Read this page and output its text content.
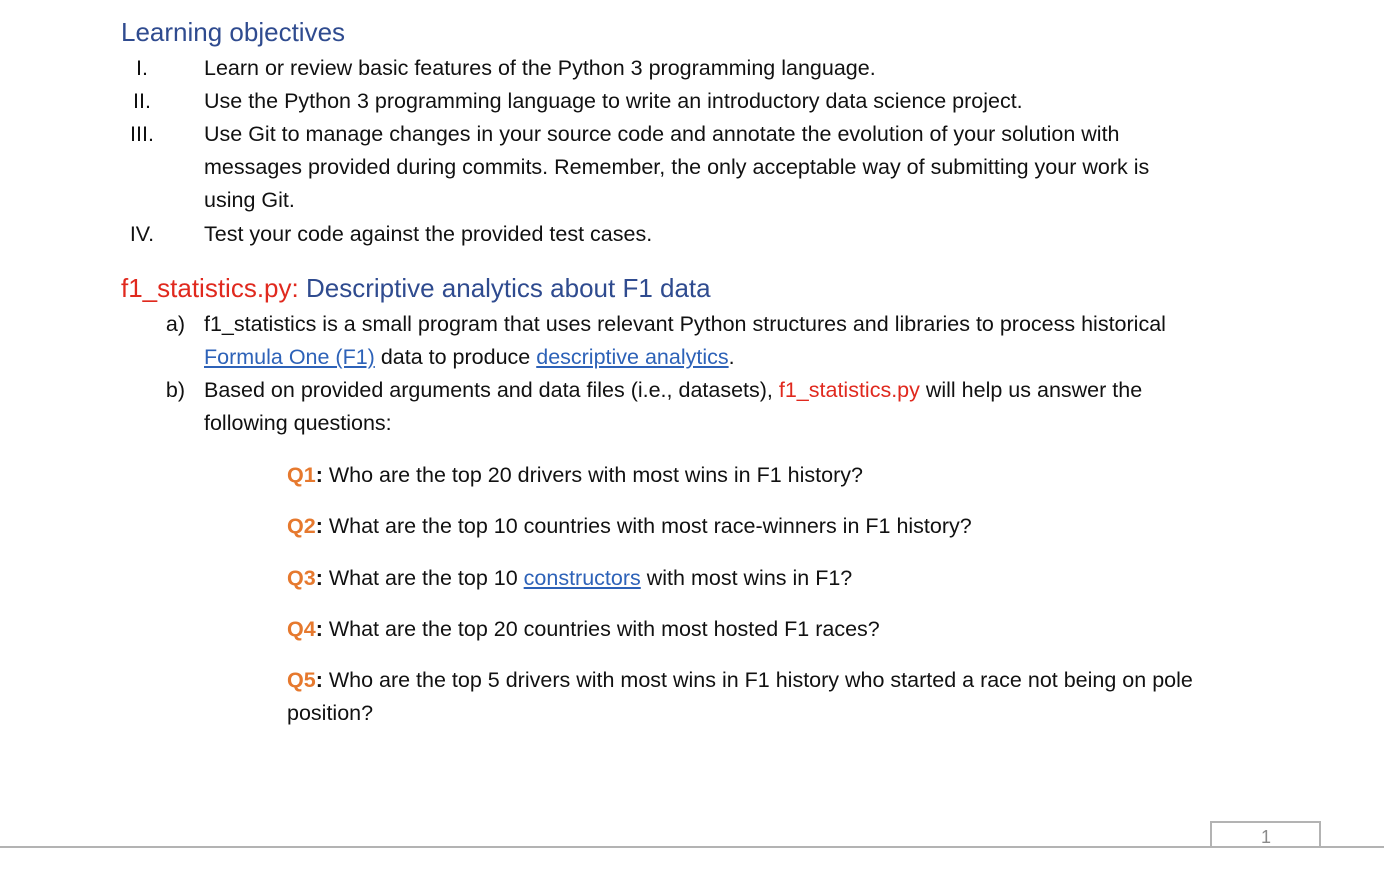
Learning objectives
I.	Learn or review basic features of the Python 3 programming language.
II.	Use the Python 3 programming language to write an introductory data science project.
III.	Use Git to manage changes in your source code and annotate the evolution of your solution with
messages provided during commits. Remember, the only acceptable way of submitting your work is
using Git.
IV.	Test your code against the provided test cases.
f1_statistics.py: Descriptive analytics about F1 data
a) f1_statistics is a small program that uses relevant Python structures and libraries to process historical
Formula One (F1) data to produce descriptive analytics.
b) Based on provided arguments and data files (i.e., datasets), f1_statistics.py will help us answer the
following questions:
Q1: Who are the top 20 drivers with most wins in F1 history?
Q2: What are the top 10 countries with most race-winners in F1 history?
Q3: What are the top 10 constructors with most wins in F1?
Q4: What are the top 20 countries with most hosted F1 races?
Q5: Who are the top 5 drivers with most wins in F1 history who started a race not being on pole
position?
1
